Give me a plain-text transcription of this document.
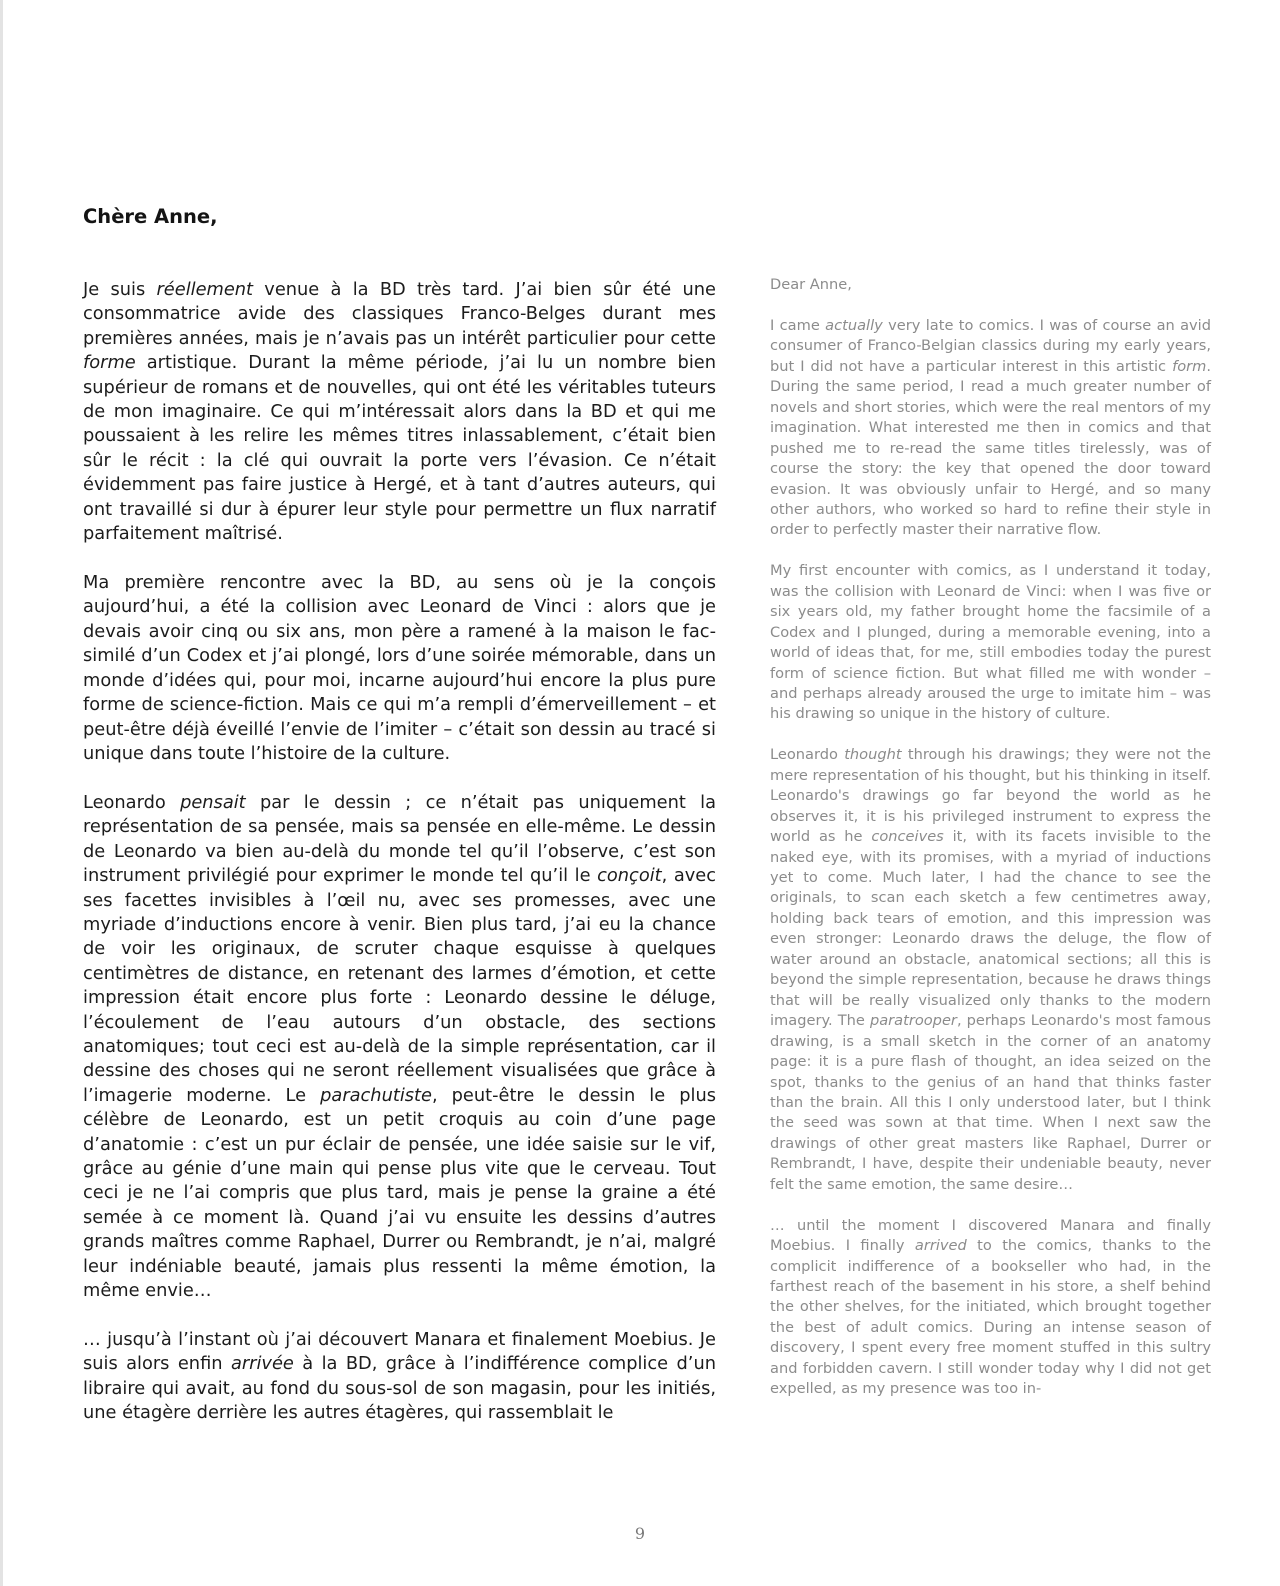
Chère Anne,

Je suis réellement venue à la BD très tard. J’ai bien sûr été une consommatrice avide des classiques Franco-Belges durant mes premières années, mais je n’avais pas un intérêt particulier pour cette forme artistique. Durant la même période, j’ai lu un nombre bien supérieur de romans et de nouvelles, qui ont été les véritables tuteurs de mon imaginaire. Ce qui m’intéressait alors dans la BD et qui me poussaient à les relire les mêmes titres inlassablement, c’était bien sûr le récit : la clé qui ouvrait la porte vers l’évasion. Ce n’était évidemment pas faire justice à Hergé, et à tant d’autres auteurs, qui ont travaillé si dur à épurer leur style pour permettre un flux narratif parfaitement maîtrisé.

Ma première rencontre avec la BD, au sens où je la conçois aujourd’hui, a été la collision avec Leonard de Vinci : alors que je devais avoir cinq ou six ans, mon père a ramené à la maison le fac-similé d’un Codex et j’ai plongé, lors d’une soirée mémorable, dans un monde d’idées qui, pour moi, incarne aujourd’hui encore la plus pure forme de science-fiction. Mais ce qui m’a rempli d’émerveillement – et peut-être déjà éveillé l’envie de l’imiter – c’était son dessin au tracé si unique dans toute l’histoire de la culture.

Leonardo pensait par le dessin ; ce n’était pas uniquement la représentation de sa pensée, mais sa pensée en elle-même. Le dessin de Leonardo va bien au-delà du monde tel qu’il l’observe, c’est son instrument privilégié pour exprimer le monde tel qu’il le conçoit, avec ses facettes invisibles à l’œil nu, avec ses promesses, avec une myriade d’inductions encore à venir. Bien plus tard, j’ai eu la chance de voir les originaux, de scruter chaque esquisse à quelques centimètres de distance, en retenant des larmes d’émotion, et cette impression était encore plus forte : Leonardo dessine le déluge, l’écoulement de l’eau autours d’un obstacle, des sections anatomiques; tout ceci est au-delà de la simple représentation, car il dessine des choses qui ne seront réellement visualisées que grâce à l’imagerie moderne. Le parachutiste, peut-être le dessin le plus célèbre de Leonardo, est un petit croquis au coin d’une page d’anatomie : c’est un pur éclair de pensée, une idée saisie sur le vif, grâce au génie d’une main qui pense plus vite que le cerveau. Tout ceci je ne l’ai compris que plus tard, mais je pense la graine a été semée à ce moment là. Quand j’ai vu ensuite les dessins d’autres grands maîtres comme Raphael, Durrer ou Rembrandt, je n’ai, malgré leur indéniable beauté, jamais plus ressenti la même émotion, la même envie…

… jusqu’à l’instant où j’ai découvert Manara et finalement Moebius. Je suis alors enfin arrivée à la BD, grâce à l’indifférence complice d’un libraire qui avait, au fond du sous-sol de son magasin, pour les initiés, une étagère derrière les autres étagères, qui rassemblait le

Dear Anne,

I came actually very late to comics. I was of course an avid consumer of Franco-Belgian classics during my early years, but I did not have a particular interest in this artistic form. During the same period, I read a much greater number of novels and short stories, which were the real mentors of my imagination. What interested me then in comics and that pushed me to re-read the same titles tirelessly, was of course the story: the key that opened the door toward evasion. It was obviously unfair to Hergé, and so many other authors, who worked so hard to refine their style in order to perfectly master their narrative flow.

My first encounter with comics, as I understand it today, was the collision with Leonard de Vinci: when I was five or six years old, my father brought home the facsimile of a Codex and I plunged, during a memorable evening, into a world of ideas that, for me, still embodies today the purest form of science fiction. But what filled me with wonder – and perhaps already aroused the urge to imitate him – was his drawing so unique in the history of culture.

Leonardo thought through his drawings; they were not the mere representation of his thought, but his thinking in itself. Leonardo's drawings go far beyond the world as he observes it, it is his privileged instrument to express the world as he conceives it, with its facets invisible to the naked eye, with its promises, with a myriad of inductions yet to come. Much later, I had the chance to see the originals, to scan each sketch a few centimetres away, holding back tears of emotion, and this impression was even stronger: Leonardo draws the deluge, the flow of water around an obstacle, anatomical sections; all this is beyond the simple representation, because he draws things that will be really visualized only thanks to the modern imagery. The paratrooper, perhaps Leonardo's most famous drawing, is a small sketch in the corner of an anatomy page: it is a pure flash of thought, an idea seized on the spot, thanks to the genius of an hand that thinks faster than the brain. All this I only understood later, but I think the seed was sown at that time. When I next saw the drawings of other great masters like Raphael, Durrer or Rembrandt, I have, despite their undeniable beauty, never felt the same emotion, the same desire…

… until the moment I discovered Manara and finally Moebius. I finally arrived to the comics, thanks to the complicit indifference of a bookseller who had, in the farthest reach of the basement in his store, a shelf behind the other shelves, for the initiated, which brought together the best of adult comics. During an intense season of discovery, I spent every free moment stuffed in this sultry and forbidden cavern. I still wonder today why I did not get expelled, as my presence was too in-

9
